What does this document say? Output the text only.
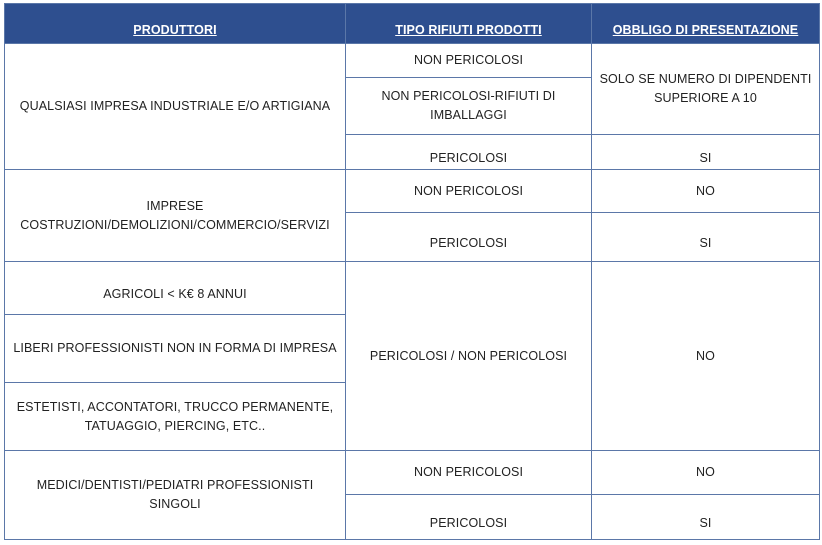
PRODUTTORI	TIPO RIFIUTI PRODOTTI	OBBLIGO DI PRESENTAZIONE
QUALSIASI IMPRESA INDUSTRIALE E/O ARTIGIANA	NON PERICOLOSI	SOLO SE NUMERO DI DIPENDENTI SUPERIORE A 10
	NON PERICOLOSI-RIFIUTI DI IMBALLAGGI	
	PERICOLOSI	SI
IMPRESE COSTRUZIONI/DEMOLIZIONI/COMMERCIO/SERVIZI	NON PERICOLOSI	NO
	PERICOLOSI	SI
AGRICOLI < K€ 8 ANNUI	PERICOLOSI / NON PERICOLOSI	NO
LIBERI PROFESSIONISTI NON IN FORMA DI IMPRESA		
ESTETISTI, ACCONTATORI, TRUCCO PERMANENTE, TATUAGGIO, PIERCING, ETC..		
MEDICI/DENTISTI/PEDIATRI PROFESSIONISTI SINGOLI	NON PERICOLOSI	NO
	PERICOLOSI	SI
